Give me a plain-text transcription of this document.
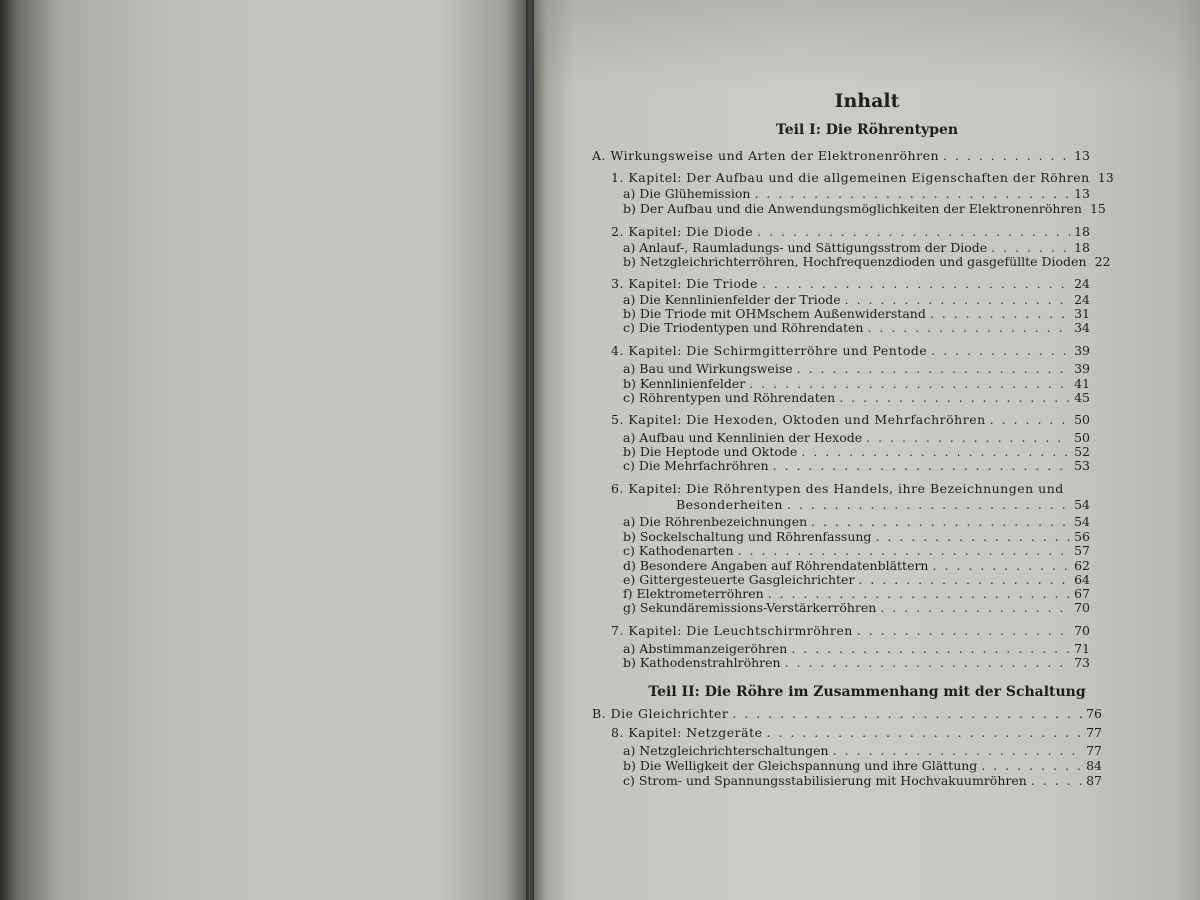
Inhalt
Teil I: Die Röhrentypen
A. Wirkungsweise und Arten der Elektronenröhren . . .	13
1. Kapitel: Der Aufbau und die allgemeinen Eigenschaften der Röhren 13
a) Die Glühemission . . .	13
b) Der Aufbau und die Anwendungsmöglichkeiten der Elektronenröhren 15
2. Kapitel: Die Diode . . .	18
a) Anlauf-, Raumladungs- und Sättigungsstrom der Diode . . .	18
b) Netzgleichrichterröhren, Hochfrequenzdioden und gasgefüllte Dioden 22
3. Kapitel: Die Triode . . .	24
a) Die Kennlinienfelder der Triode . . .	24
b) Die Triode mit OHMschem Außenwiderstand . . .	31
c) Die Triodentypen und Röhrendaten . . .	34
4. Kapitel: Die Schirmgitterröhre und Pentode . . .	39
a) Bau und Wirkungsweise . . .	39
b) Kennlinienfelder . . .	41
c) Röhrentypen und Röhrendaten . . .	45
5. Kapitel: Die Hexoden, Oktoden und Mehrfachröhren . . .	50
a) Aufbau und Kennlinien der Hexode . . .	50
b) Die Heptode und Oktode . . .	52
c) Die Mehrfachröhren . . .	53
6. Kapitel: Die Röhrentypen des Handels, ihre Bezeichnungen und
Besonderheiten . . .	54
a) Die Röhrenbezeichnungen . . .	54
b) Sockelschaltung und Röhrenfassung . . .	56
c) Kathodenarten . . .	57
d) Besondere Angaben auf Röhrendatenblättern . . .	62
e) Gittergesteuerte Gasgleichrichter . . .	64
f) Elektrometerröhren . . .	67
g) Sekundäremissions-Verstärkerröhren . . .	70
7. Kapitel: Die Leuchtschirmröhren . . .	70
a) Abstimmanzeigeröhren . . .	71
b) Kathodenstrahlröhren . . .	73
Teil II: Die Röhre im Zusammenhang mit der Schaltung
B. Die Gleichrichter . . .	76
8. Kapitel: Netzgeräte . . .	77
a) Netzgleichrichterschaltungen . . .	77
b) Die Welligkeit der Gleichspannung und ihre Glättung . . .	84
c) Strom- und Spannungsstabilisierung mit Hochvakuumröhren . . .	87
